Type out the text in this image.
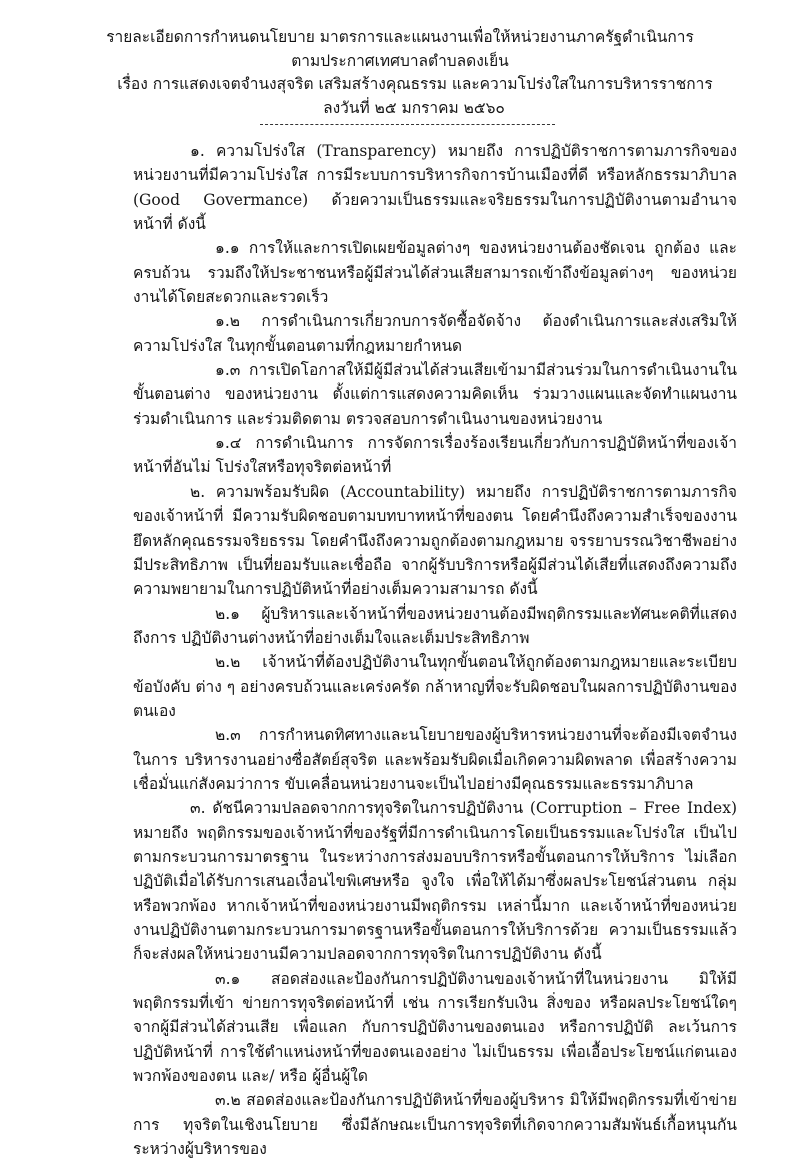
รายละเอียดการกำหนดนโยบาย มาตรการและแผนงานเพื่อให้หน่วยงานภาครัฐดำเนินการ
ตามประกาศเทศบาลตำบลดงเย็น
เรื่อง การแสดงเจตจำนงสุจริต เสริมสร้างคุณธรรม และความโปร่งใสในการบริหารราชการ
ลงวันที่ ๒๕ มกราคม ๒๕๖๐

๑. ความโปร่งใส (Transparency) หมายถึง การปฏิบัติราชการตามภารกิจของหน่วยงานที่มีความโปร่งใส การมีระบบการบริหารกิจการบ้านเมืองที่ดี หรือหลักธรรมาภิบาล (Good Govermance) ด้วยความเป็นธรรมและจริยธรรมในการปฏิบัติงานตามอำนาจหน้าที่ ดังนี้

๑.๑ การให้และการเปิดเผยข้อมูลต่างๆ ของหน่วยงานต้องชัดเจน ถูกต้อง และครบถ้วน รวมถึงให้ประชาชนหรือผู้มีส่วนได้ส่วนเสียสามารถเข้าถึงข้อมูลต่างๆ ของหน่วยงานได้โดยสะดวกและรวดเร็ว

๑.๒ การดำเนินการเกี่ยวกบการจัดซื้อจัดจ้าง ต้องดำเนินการและส่งเสริมให้ความโปร่งใส ในทุกขั้นตอนตามที่กฎหมายกำหนด

๑.๓ การเปิดโอกาสให้มีผู้มีส่วนได้ส่วนเสียเข้ามามีส่วนร่วมในการดำเนินงานในขั้นตอนต่าง ของหน่วยงาน ตั้งแต่การแสดงความคิดเห็น ร่วมวางแผนและจัดทำแผนงาน ร่วมดำเนินการ และร่วมติดตาม ตรวจสอบการดำเนินงานของหน่วยงาน

๑.๔ การดำเนินการ การจัดการเรื่องร้องเรียนเกี่ยวกับการปฏิบัติหน้าที่ของเจ้าหน้าที่อันไม่ โปร่งใสหรือทุจริตต่อหน้าที่

๒. ความพร้อมรับผิด (Accountability) หมายถึง การปฏิบัติราชการตามภารกิจของเจ้าหน้าที่ มีความรับผิดชอบตามบทบาทหน้าที่ของตน โดยคำนึงถึงความสำเร็จของงาน ยึดหลักคุณธรรมจริยธรรม โดยคำนึงถึงความถูกต้องตามกฎหมาย จรรยาบรรณวิชาชีพอย่างมีประสิทธิภาพ เป็นที่ยอมรับและเชื่อถือ จากผู้รับบริการหรือผู้มีส่วนได้เสียที่แสดงถึงความถึงความพยายามในการปฏิบัติหน้าที่อย่างเต็มความสามารถ ดังนี้

๒.๑ ผู้บริหารและเจ้าหน้าที่ของหน่วยงานต้องมีพฤติกรรมและทัศนะคติที่แสดงถึงการ ปฏิบัติงานต่างหน้าที่อย่างเต็มใจและเต็มประสิทธิภาพ

๒.๒ เจ้าหน้าที่ต้องปฏิบัติงานในทุกขั้นตอนให้ถูกต้องตามกฎหมายและระเบียบข้อบังคับ ต่าง ๆ อย่างครบถ้วนและเคร่งครัด กล้าหาญที่จะรับผิดชอบในผลการปฏิบัติงานของตนเอง

๒.๓ การกำหนดทิศทางและนโยบายของผู้บริหารหน่วยงานที่จะต้องมีเจตจำนงในการ บริหารงานอย่างซื่อสัตย์สุจริต และพร้อมรับผิดเมื่อเกิดความผิดพลาด เพื่อสร้างความเชื่อมั่นแก่สังคมว่าการ ขับเคลื่อนหน่วยงานจะเป็นไปอย่างมีคุณธรรมและธรรมาภิบาล

๓. ดัชนีความปลอดจากการทุจริตในการปฏิบัติงาน (Corruption – Free Index) หมายถึง พฤติกรรมของเจ้าหน้าที่ของรัฐที่มีการดำเนินการโดยเป็นธรรมและโปร่งใส เป็นไปตามกระบวนการมาตรฐาน ในระหว่างการส่งมอบบริการหรือขั้นตอนการให้บริการ ไม่เลือกปฏิบัติเมื่อได้รับการเสนอเงื่อนไขพิเศษหรือ จูงใจ เพื่อให้ได้มาซึ่งผลประโยชน์ส่วนตน กลุ่มหรือพวกพ้อง หากเจ้าหน้าที่ของหน่วยงานมีพฤติกรรม เหล่านี้มาก และเจ้าหน้าที่ของหน่วยงานปฏิบัติงานตามกระบวนการมาตรฐานหรือขั้นตอนการให้บริการด้วย ความเป็นธรรมแล้ว ก็จะส่งผลให้หน่วยงานมีความปลอดจากการทุจริตในการปฏิบัติงาน ดังนี้

๓.๑ สอดส่องและป้องกันการปฏิบัติงานของเจ้าหน้าที่ในหน่วยงาน มิให้มีพฤติกรรมที่เข้า ข่ายการทุจริตต่อหน้าที่ เช่น การเรียกรับเงิน สิ่งของ หรือผลประโยชน์ใดๆ จากผู้มีส่วนได้ส่วนเสีย เพื่อแลก กับการปฏิบัติงานของตนเอง หรือการปฏิบัติ ละเว้นการปฏิบัติหน้าที่ การใช้ตำแหน่งหน้าที่ของตนเองอย่าง ไม่เป็นธรรม เพื่อเอื้อประโยชน์แก่ตนเอง พวกพ้องของตน และ/ หรือ ผู้อื่นผู้ใด

๓.๒ สอดส่องและป้องกันการปฏิบัติหน้าที่ของผู้บริหาร มิให้มีพฤติกรรมที่เข้าข่ายการ ทุจริตในเชิงนโยบาย ซึ่งมีลักษณะเป็นการทุจริตที่เกิดจากความสัมพันธ์เกื้อหนุนกันระหว่างผู้บริหารของ
